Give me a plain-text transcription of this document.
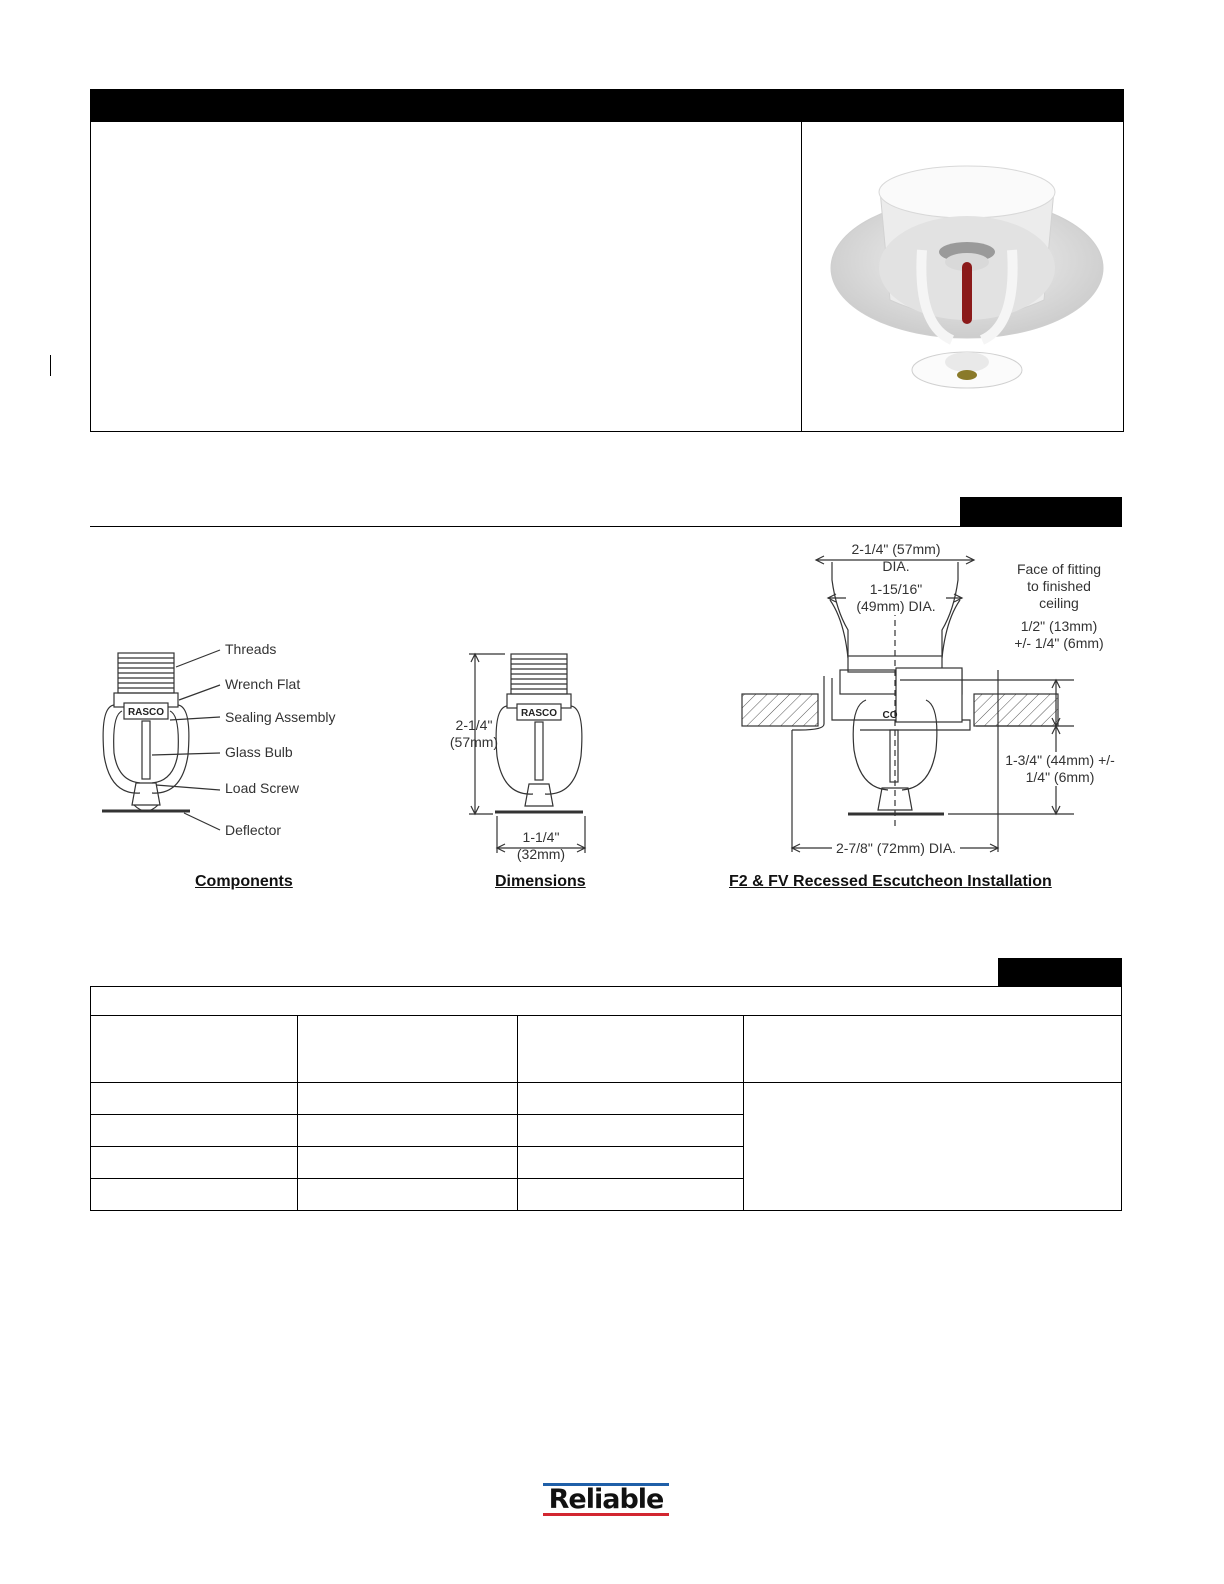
RASCO
Threads
Wrench Flat
Sealing Assembly
Glass Bulb
Load Screw
Deflector
Components
RASCO
2-1/4"
(57mm)
1-1/4"
(32mm)
Dimensions
CO
2-1/4" (57mm)
DIA.
1-15/16"
(49mm) DIA.
Face of fitting
to finished
ceiling
1/2" (13mm)
+/- 1/4" (6mm)
1-3/4" (44mm) +/-
1/4" (6mm)
2-7/8" (72mm) DIA.
F2 & FV Recessed Escutcheon Installation
Reliable
